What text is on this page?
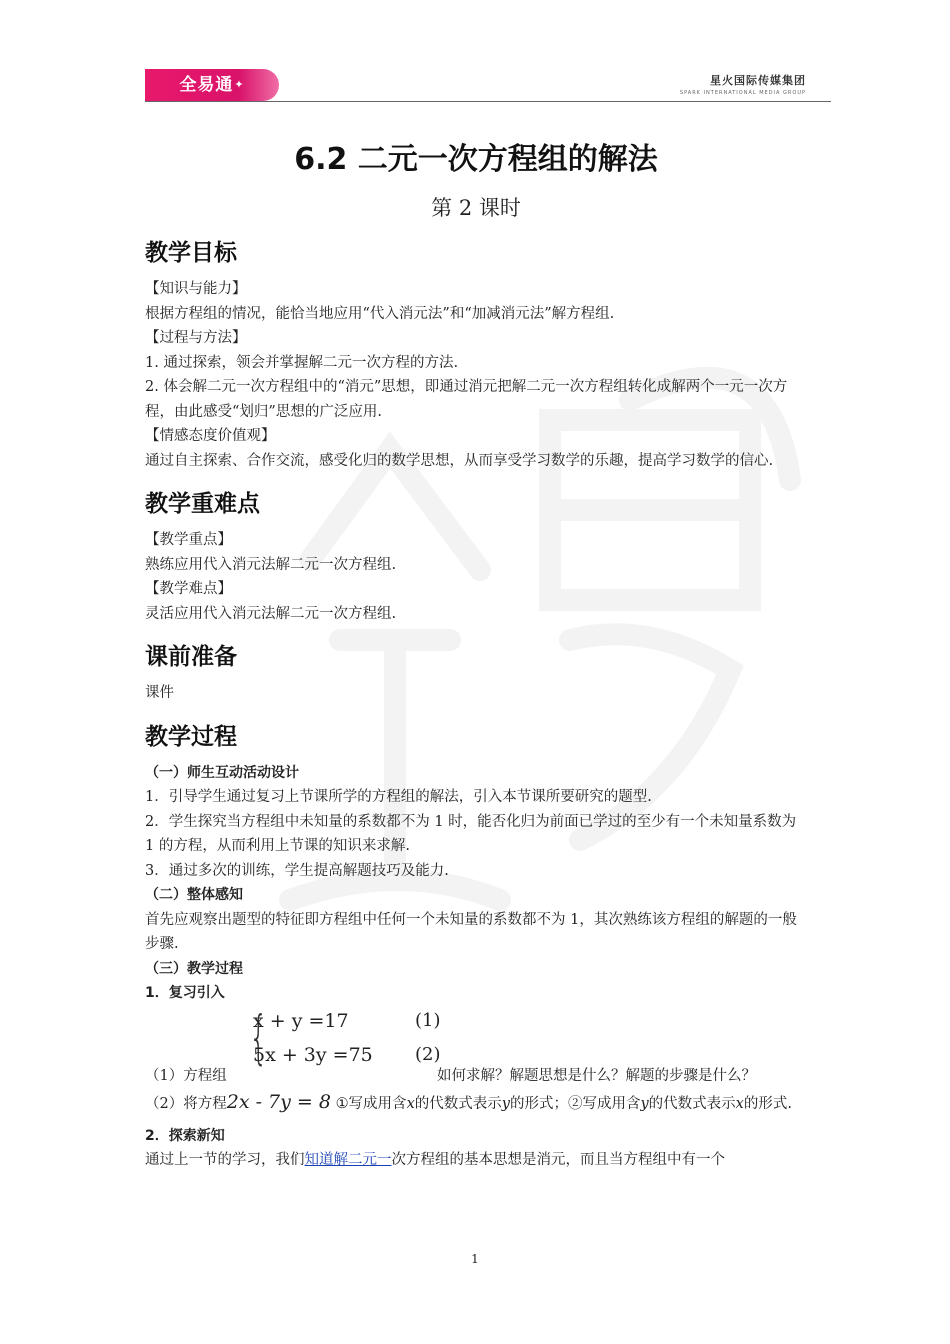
全易通✦	星火国际传媒集团
SPARK INTERNATIONAL MEDIA GROUP
6.2 二元一次方程组的解法
第 2 课时
教学目标

【知识与能力】

根据方程组的情况，能恰当地应用“代入消元法”和“加减消元法”解方程组.

【过程与方法】

1. 通过探索，领会并掌握解二元一次方程的方法.

2. 体会解二元一次方程组中的“消元”思想，即通过消元把解二元一次方程组转化成解两个一元一次方程，由此感受“划归”思想的广泛应用.

【情感态度价值观】

通过自主探索、合作交流，感受化归的数学思想，从而享受学习数学的乐趣，提高学习数学的信心.

教学重难点

【教学重点】

熟练应用代入消元法解二元一次方程组.

【教学难点】

灵活应用代入消元法解二元一次方程组.

课前准备

课件

教学过程

（一）师生互动活动设计

1．引导学生通过复习上节课所学的方程组的解法，引入本节课所要研究的题型.

2．学生探究当方程组中未知量的系数都不为 1 时，能否化归为前面已学过的至少有一个未知量系数为 1 的方程，从而利用上节课的知识来求解.

3．通过多次的训练，学生提高解题技巧及能力.

（二）整体感知

首先应观察出题型的特征即方程组中任何一个未知量的系数都不为 1，其次熟练该方程组的解题的一般步骤.

（三）教学过程

1．复习引入

{
x + y =17
5x + 3y =75
(1)
(2)
（1）方程组	如何求解？解题思想是什么？解题的步骤是什么？

（2）将方程2x - 7y = 8 ①写成用含x的代数式表示y的形式；②写成用含y的代数式表示x的形式.

2．探索新知

通过上一节的学习，我们知道解二元一次方程组的基本思想是消元，而且当方程组中有一个

1
